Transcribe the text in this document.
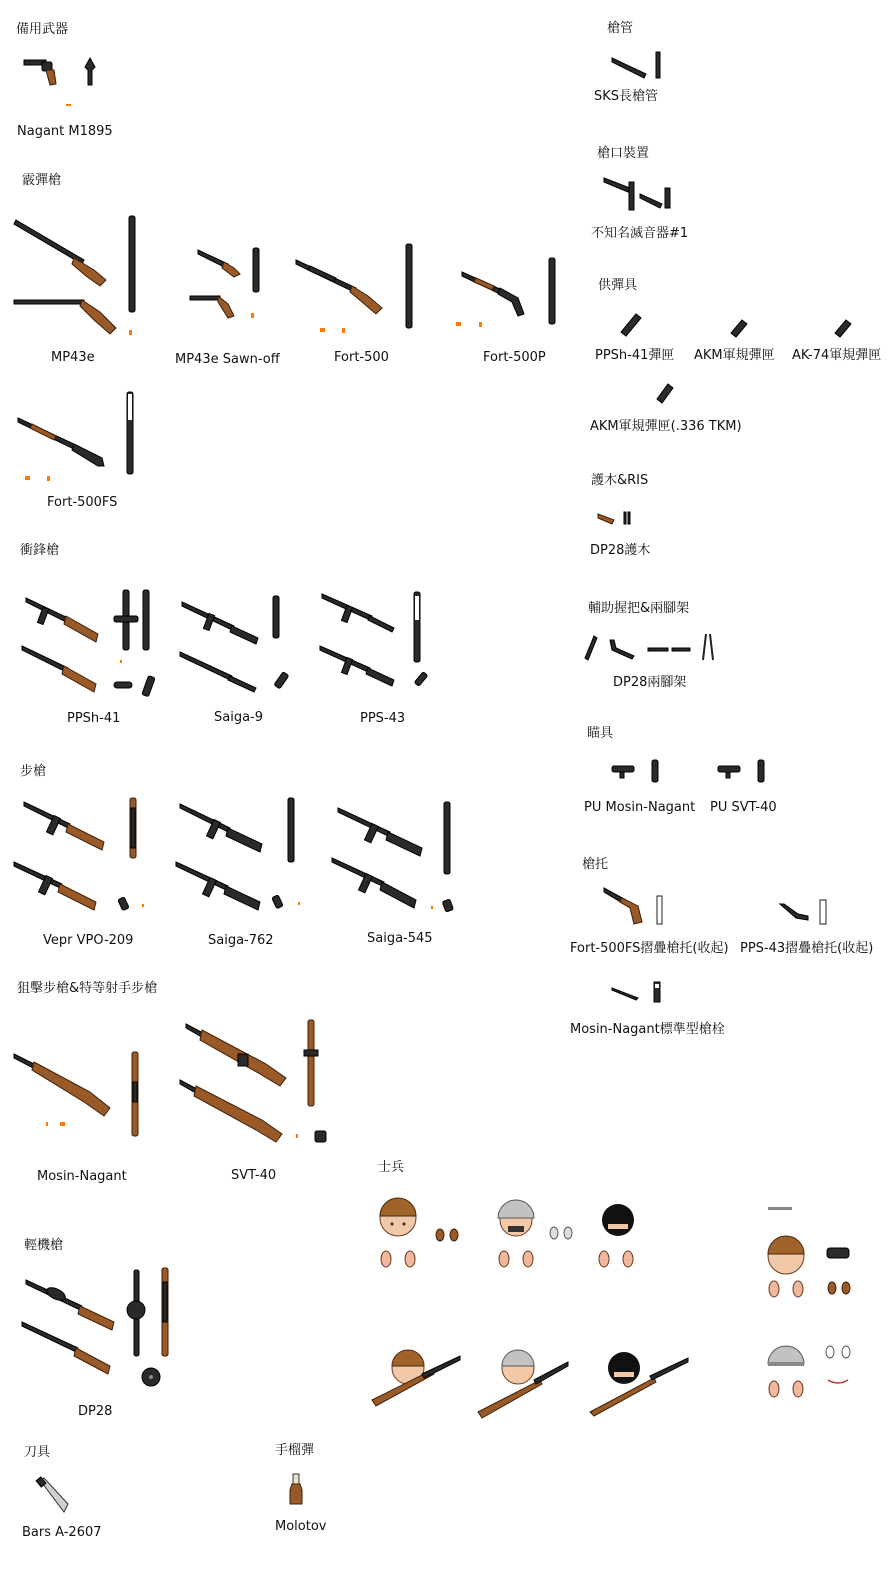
備用武器
Nagant M1895
霰彈槍
MP43e	MP43e Sawn-off	Fort-500	Fort-500P
Fort-500FS
衝鋒槍
PPSh-41	Saiga-9	PPS-43
步槍
Vepr VPO-209	Saiga-762	Saiga-545
狙擊步槍&特等射手步槍
Mosin-Nagant	SVT-40
輕機槍
DP28
刀具
Bars A-2607
手榴彈
Molotov
士兵
槍管
SKS長槍管
槍口裝置
不知名滅音器#1
供彈具
PPSh-41彈匣 AKM軍規彈匣 AK-74軍規彈匣
AKM軍規彈匣(.336 TKM)
護木&RIS
DP28護木
輔助握把&兩腳架
DP28兩腳架
瞄具
PU Mosin-Nagant PU SVT-40
槍托
Fort-500FS摺疊槍托(收起) PPS-43摺疊槍托(收起)
Mosin-Nagant標準型槍栓
